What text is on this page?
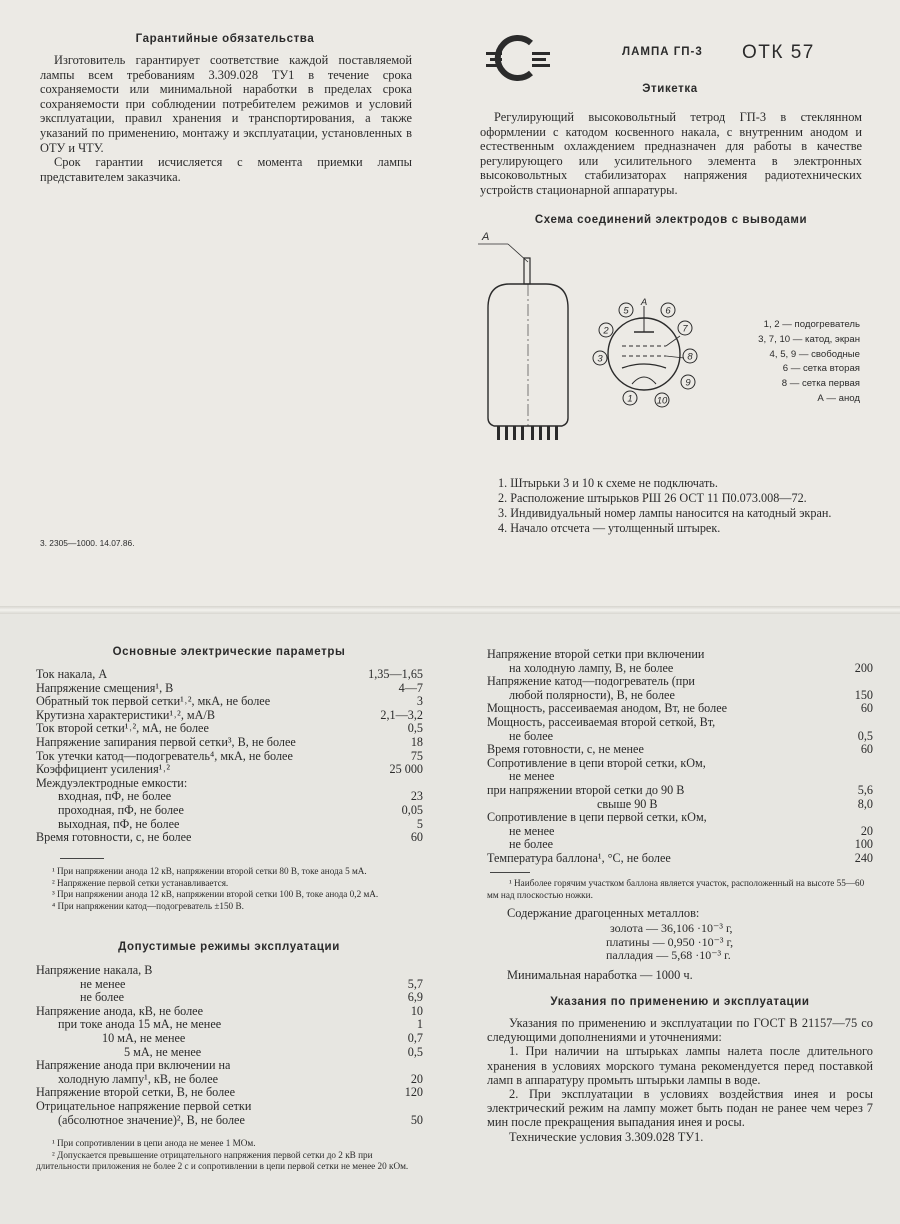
Гарантийные обязательства
Изготовитель гарантирует соответствие каждой поставляемой лампы всем требованиям 3.309.028 ТУ1 в течение срока сохраняемости или минимальной наработки в пределах срока сохраняемости при соблюдении потребителем режимов и условий эксплуатации, правил хранения и транспортирования, а также указаний по применению, монтажу и эксплуатации, установленных в ОТУ и ЧТУ.
Срок гарантии исчисляется с момента приемки лампы представителем заказчика.
3. 2305—1000. 14.07.86.
ЛАМПА ГП-3 ОТК 57
Этикетка
Регулирующий высоковольтный тетрод ГП-3 в стеклянном оформлении с катодом косвенного накала, с внутренним анодом и естественным охлаждением предназначен для работы в качестве регулирующего или усилительного элемента в электронных высоковольтных стабилизаторах напряжения радиотехнических устройств стационарной аппаратуры.
Схема соединений электродов с выводами
А
5
А
6
7
8
9
10
1
3
2
1, 2 — подогреватель
3, 7, 10 — катод, экран
4, 5, 9 — свободные
6 — сетка вторая
8 — сетка первая
А — анод
1. Штырьки 3 и 10 к схеме не подключать.
2. Расположение штырьков РШ 26 ОСТ 11 П0.073.008—72.
3. Индивидуальный номер лампы наносится на катодный экран.
4. Начало отсчета — утолщенный штырек.
Основные электрические параметры
Ток накала, А	1,35—1,65
Напряжение смещения¹, В	4—7
Обратный ток первой сетки¹˒², мкА, не более	3
Крутизна характеристики¹˒², мА/В	2,1—3,2
Ток второй сетки¹˒², мА, не более	0,5
Напряжение запирания первой сетки³, В, не более	18
Ток утечки катод—подогреватель⁴, мкА, не более	75
Коэффициент усиления¹˒²	25 000
Междуэлектродные емкости:
входная, пФ, не более	23
проходная, пФ, не более	0,05
выходная, пФ, не более	5
Время готовности, с, не более	60
¹ При напряжении анода 12 кВ, напряжении второй сетки 80 В, токе анода 5 мА.
² Напряжение первой сетки устанавливается.
³ При напряжении анода 12 кВ, напряжении второй сетки 100 В, токе анода 0,2 мА.
⁴ При напряжении катод—подогреватель ±150 В.
Допустимые режимы эксплуатации
Напряжение накала, В
не менее	5,7
не более	6,9
Напряжение анода, кВ, не более	10
при токе анода 15 мА, не менее	1
10 мА, не менее	0,7
5 мА, не менее	0,5
Напряжение анода при включении на
холодную лампу¹, кВ, не более	20
Напряжение второй сетки, В, не более	120
Отрицательное напряжение первой сетки
(абсолютное значение)², В, не более	50
¹ При сопротивлении в цепи анода не менее 1 МОм.
² Допускается превышение отрицательного напряжения первой сетки до 2 кВ при длительности приложения не более 2 с и сопротивлении в цепи первой сетки не менее 20 кОм.
Напряжение второй сетки при включении
на холодную лампу, В, не более	200
Напряжение катод—подогреватель (при
любой полярности), В, не более	150
Мощность, рассеиваемая анодом, Вт, не более	60
Мощность, рассеиваемая второй сеткой, Вт,
не более	0,5
Время готовности, с, не менее	60
Сопротивление в цепи второй сетки, кОм,
не менее
при напряжении второй сетки до 90 В	5,6
свыше 90 В	8,0
Сопротивление в цепи первой сетки, кОм,
не менее	20
не более	100
Температура баллона¹, °С, не более	240
¹ Наиболее горячим участком баллона является участок, расположенный на высоте 55—60 мм над плоскостью ножки.
Содержание драгоценных металлов:
золота — 36,106 ·10⁻³ г,
платины — 0,950 ·10⁻³ г,
палладия — 5,68 ·10⁻³ г.
Минимальная наработка — 1000 ч.
Указания по применению и эксплуатации
Указания по применению и эксплуатации по ГОСТ В 21157—75 со следующими дополнениями и уточнениями:
1. При наличии на штырьках лампы налета после длительного хранения в условиях морского тумана рекомендуется перед поставкой ламп в аппаратуру промыть штырьки лампы в воде.
2. При эксплуатации в условиях воздействия инея и росы электрический режим на лампу может быть подан не ранее чем через 7 мин после прекращения выпадания инея и росы.
Технические условия 3.309.028 ТУ1.
